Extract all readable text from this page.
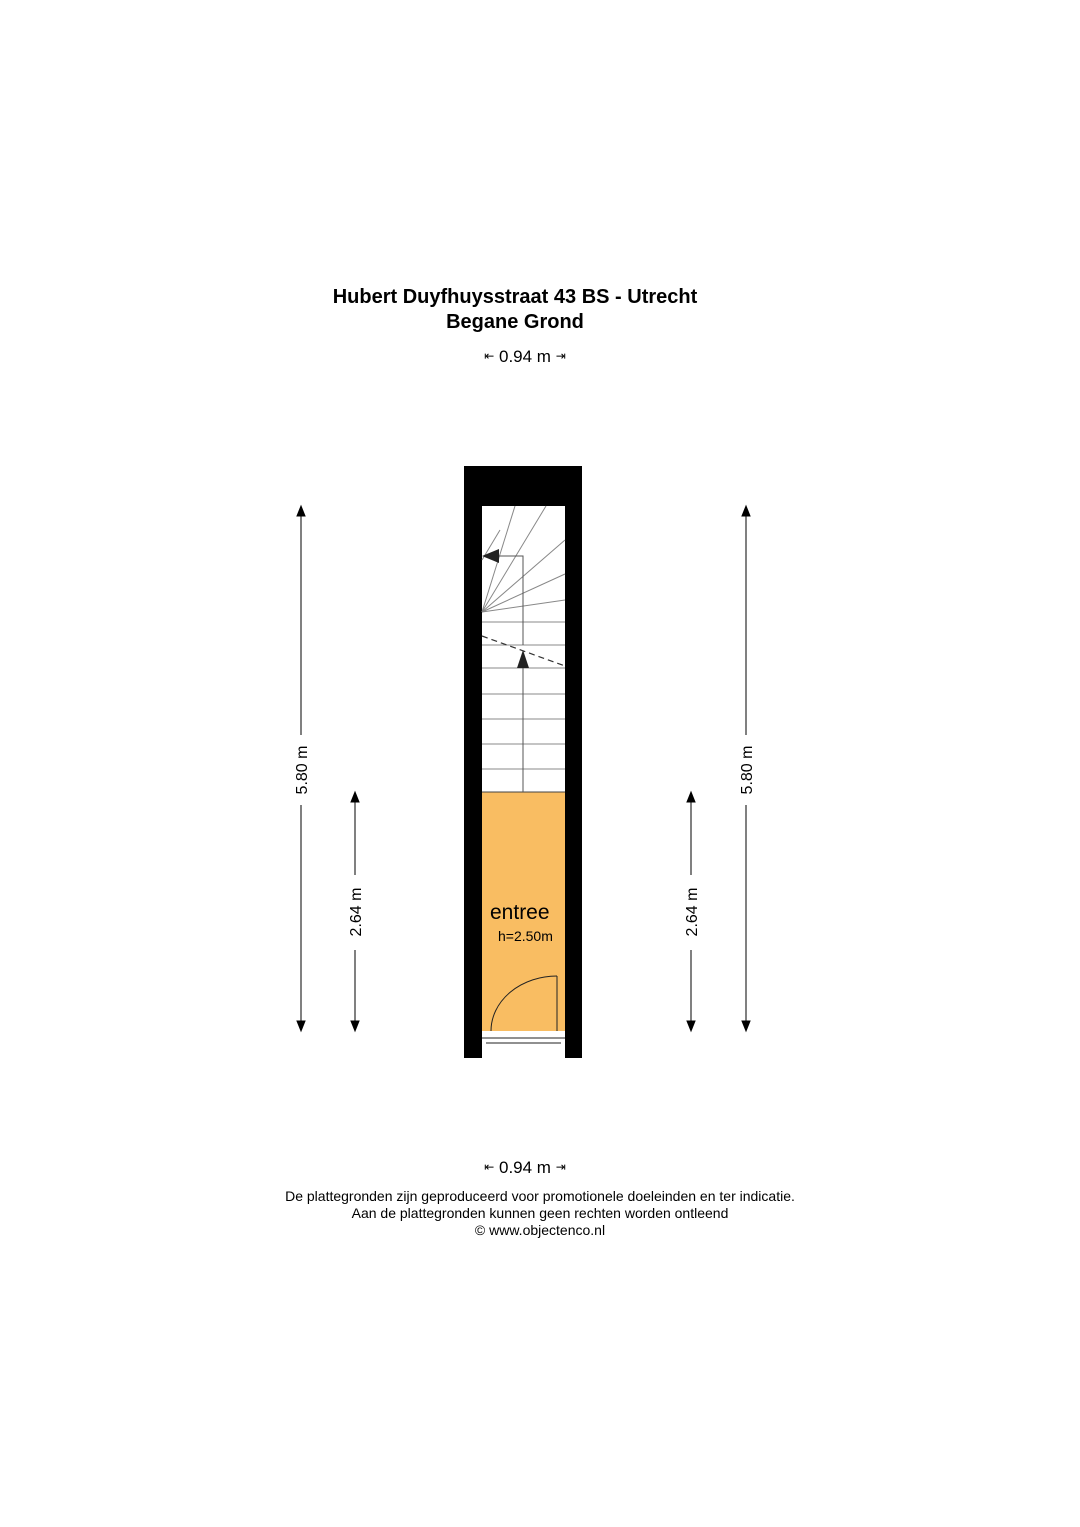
Hubert Duyfhuysstraat 43 BS - Utrecht
Begane Grond
⇤ 0.94 m ⇥
entree
h=2.50m
5.80 m
2.64 m	2.64 m
5.80 m
⇤ 0.94 m ⇥
De plattegronden zijn geproduceerd voor promotionele doeleinden en ter indicatie.
Aan de plattegronden kunnen geen rechten worden ontleend
© www.objectenco.nl
